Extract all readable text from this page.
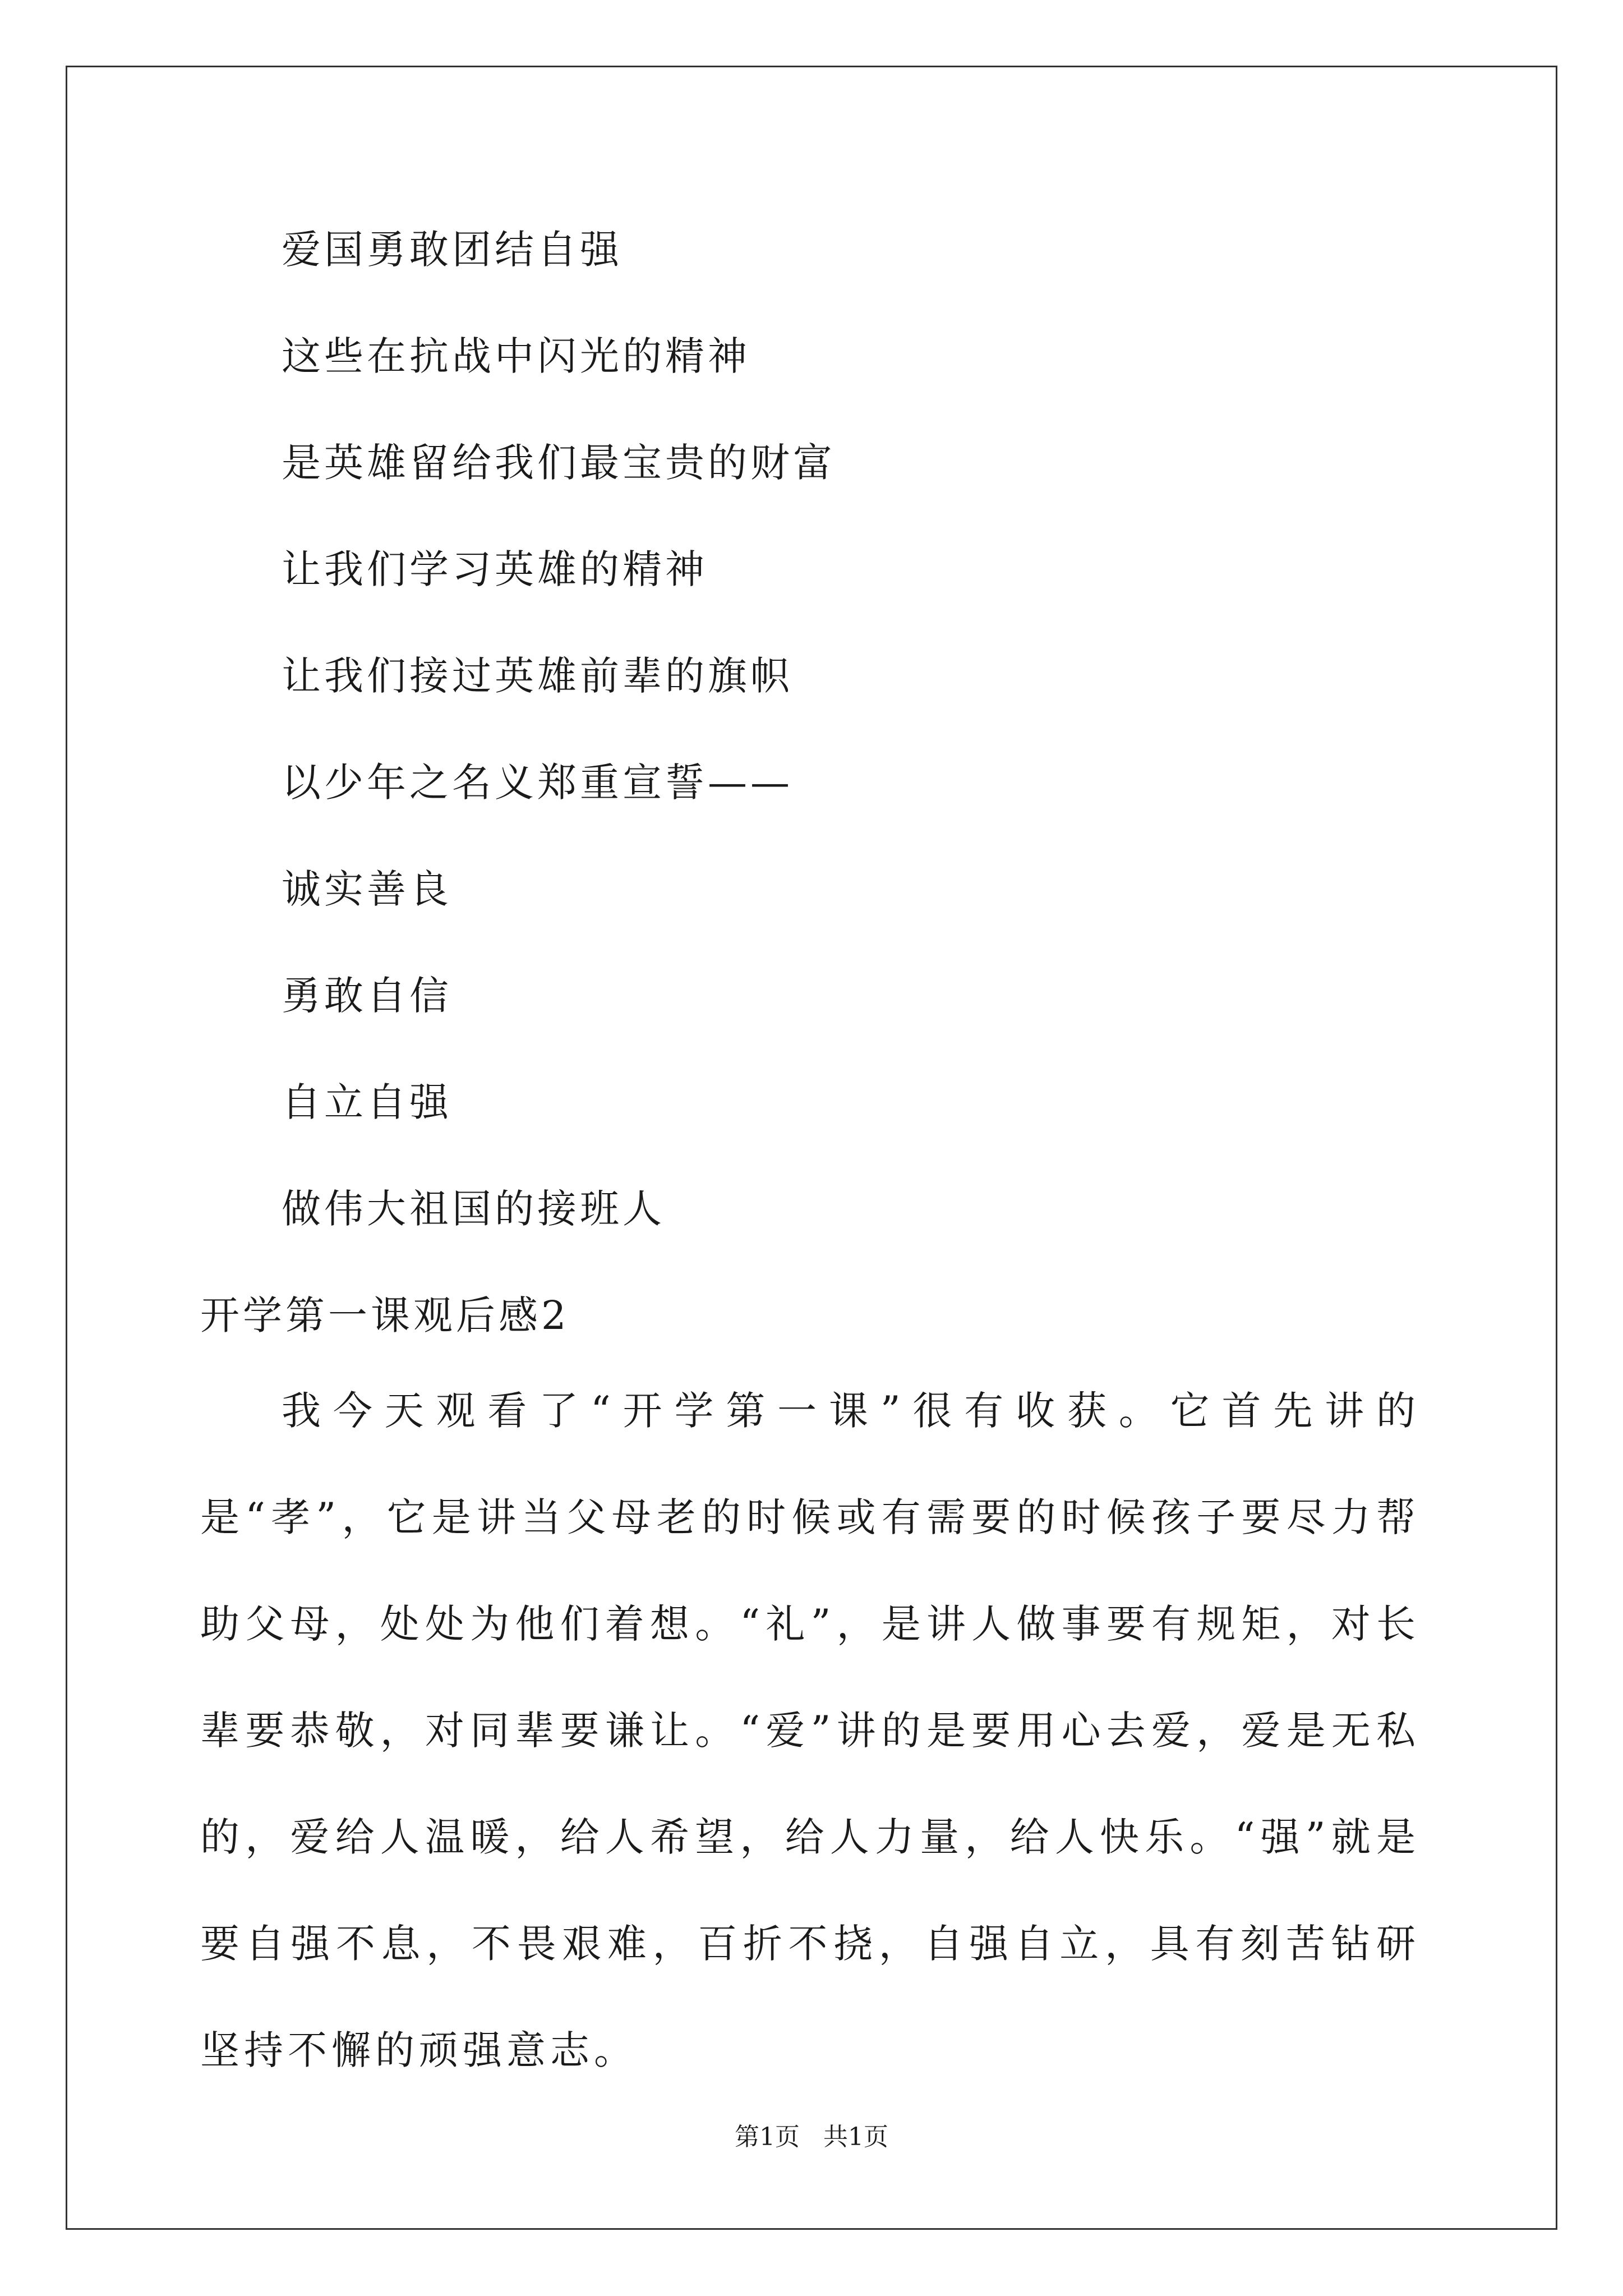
爱国勇敢团结自强
这些在抗战中闪光的精神
是英雄留给我们最宝贵的财富
让我们学习英雄的精神
让我们接过英雄前辈的旗帜
以少年之名义郑重宣誓——
诚实善良
勇敢自信
自立自强
做伟大祖国的接班人
开学第一课观后感2
我今天观看了“开学第一课”很有收获。它首先讲的是“孝”，它是讲当父母老的时候或有需要的时候孩子要尽力帮助父母，处处为他们着想。“礼”，是讲人做事要有规矩，对长辈要恭敬，对同辈要谦让。“爱”讲的是要用心去爱，爱是无私的，爱给人温暖，给人希望，给人力量，给人快乐。“强”就是要自强不息，不畏艰难，百折不挠，自强自立，具有刻苦钻研坚持不懈的顽强意志。
第1页 共1页
